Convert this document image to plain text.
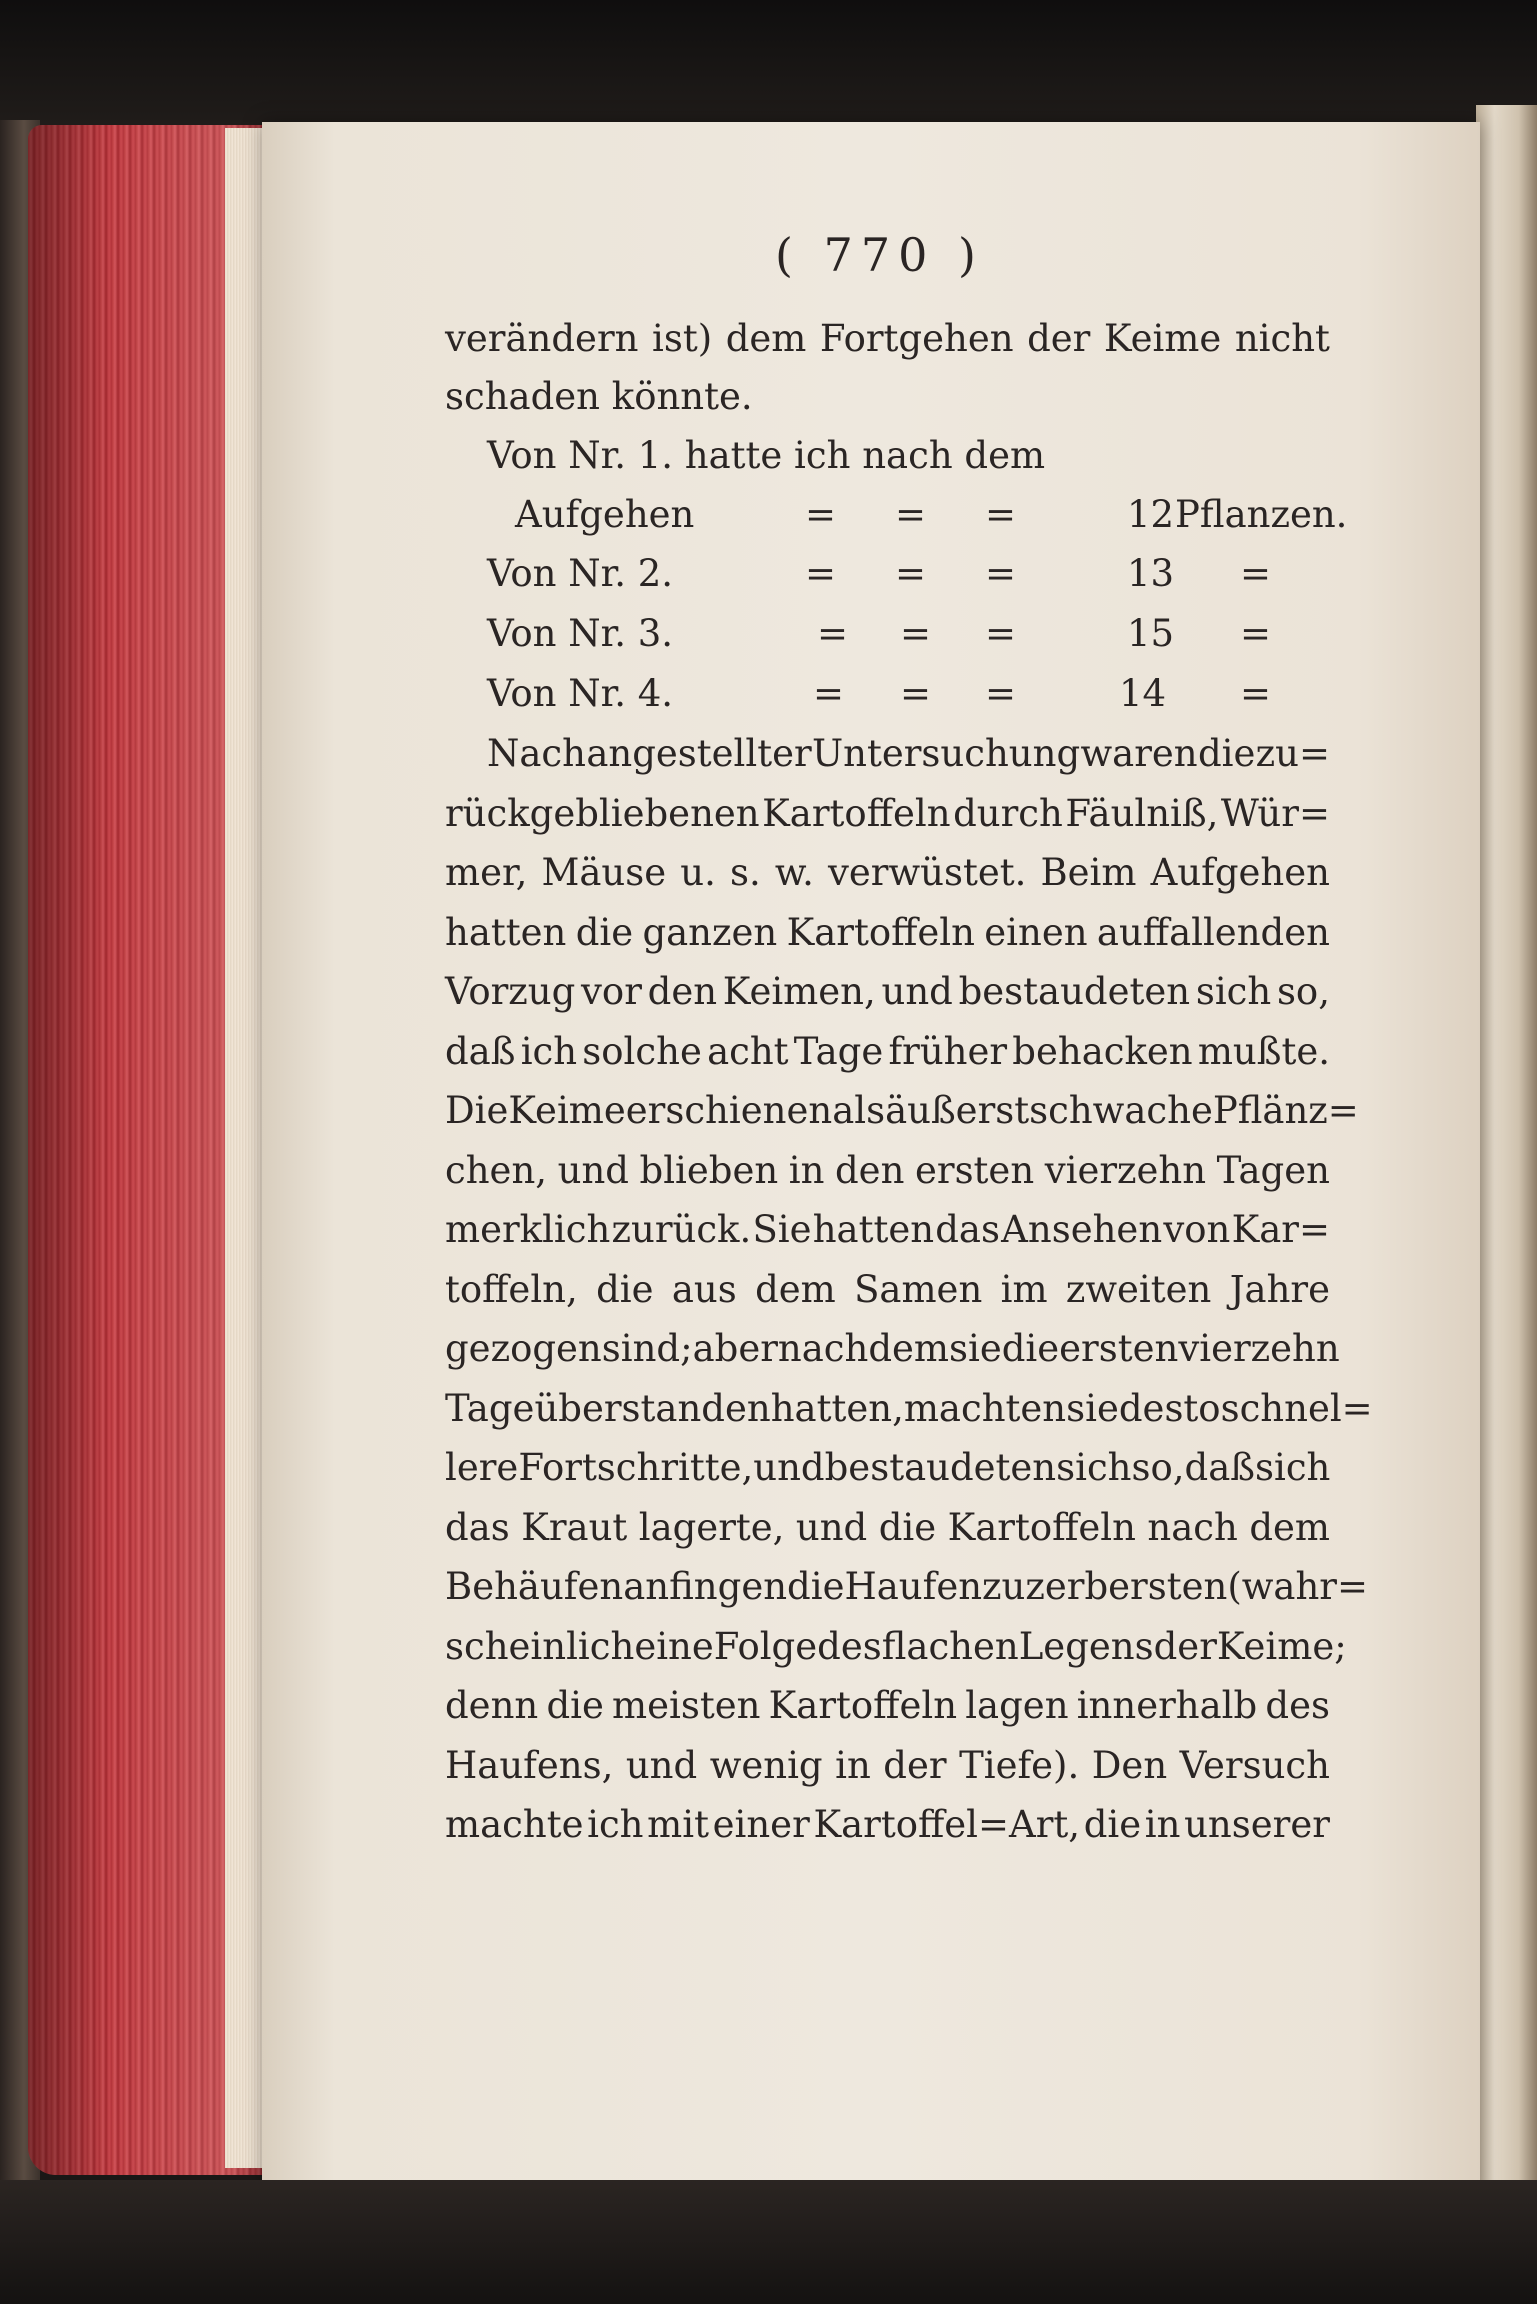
( 770 )
verändern ist) dem Fortgehen der Keime nicht
schaden könnte.
Von Nr. 1. hatte ich nach dem
Aufgehen	= = =	12 Pflanzen.
Von Nr. 2.	= = =	13 =
Von Nr. 3.	= = =	15 =
Von Nr. 4.	= = =	14 =
Nach angestellter Untersuchung waren die zu=
rückgebliebenen Kartoffeln durch Fäulniß, Wür=
mer, Mäuse u. s. w. verwüstet. Beim Aufgehen
hatten die ganzen Kartoffeln einen auffallenden
Vorzug vor den Keimen, und bestaudeten sich so,
daß ich solche acht Tage früher behacken mußte.
Die Keime erschienen als äußerst schwache Pflänz=
chen, und blieben in den ersten vierzehn Tagen
merklich zurück. Sie hatten das Ansehen von Kar=
toffeln, die aus dem Samen im zweiten Jahre
gezogen sind; aber nachdem sie die ersten vierzehn
Tage überstanden hatten, machten sie desto schnel=
lere Fortschritte, und bestaudeten sich so, daß sich
das Kraut lagerte, und die Kartoffeln nach dem
Behäufen anfingen die Haufen zu zerbersten (wahr=
scheinlich eine Folge des flachen Legens der Keime;
denn die meisten Kartoffeln lagen innerhalb des
Haufens, und wenig in der Tiefe). Den Versuch
machte ich mit einer Kartoffel=Art, die in unserer
